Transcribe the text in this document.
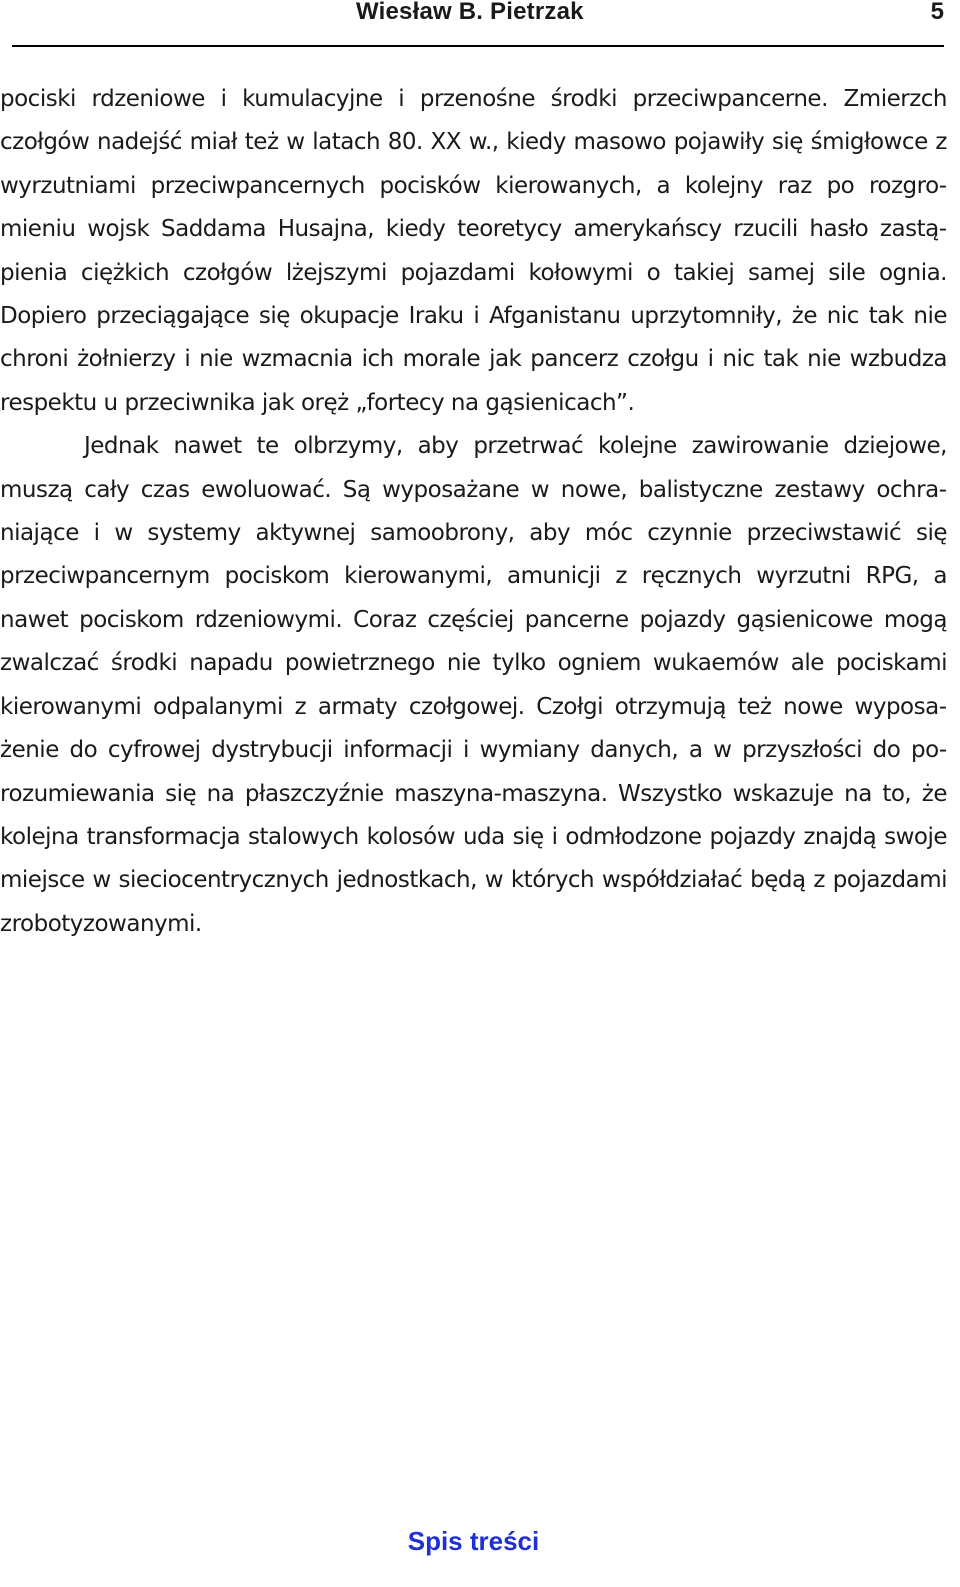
Wiesław B. Pietrzak	5

pociski rdzeniowe i kumulacyjne i przenośne środki przeciwpancerne. Zmierzch czołgów nadejść miał też w latach 80. XX w., kiedy masowo pojawiły się śmigłowce z wyrzutniami przeciwpancernych pocisków kierowanych, a kolejny raz po rozgromieniu wojsk Saddama Husajna, kiedy teoretycy amerykańscy rzucili hasło zastąpienia ciężkich czołgów lżejszymi pojazdami kołowymi o takiej samej sile ognia. Dopiero przeciągające się okupacje Iraku i Afganistanu uprzytomniły, że nic tak nie chroni żołnierzy i nie wzmacnia ich morale jak pancerz czołgu i nic tak nie wzbudza respektu u przeciwnika jak oręż „fortecy na gąsienicach”.

Jednak nawet te olbrzymy, aby przetrwać kolejne zawirowanie dziejowe, muszą cały czas ewoluować. Są wyposażane w nowe, balistyczne zestawy ochraniające i w systemy aktywnej samoobrony, aby móc czynnie przeciwstawić się przeciwpancernym pociskom kierowanymi, amunicji z ręcznych wyrzutni RPG, a nawet pociskom rdzeniowymi. Coraz częściej pancerne pojazdy gąsienicowe mogą zwalczać środki napadu powietrznego nie tylko ogniem wukaemów ale pociskami kierowanymi odpalanymi z armaty czołgowej. Czołgi otrzymują też nowe wyposażenie do cyfrowej dystrybucji informacji i wymiany danych, a w przyszłości do porozumiewania się na płaszczyźnie maszyna-maszyna. Wszystko wskazuje na to, że kolejna transformacja stalowych kolosów uda się i odmłodzone pojazdy znajdą swoje miejsce w sieciocentrycznych jednostkach, w których współdziałać będą z pojazdami zrobotyzowanymi.

Spis treści
